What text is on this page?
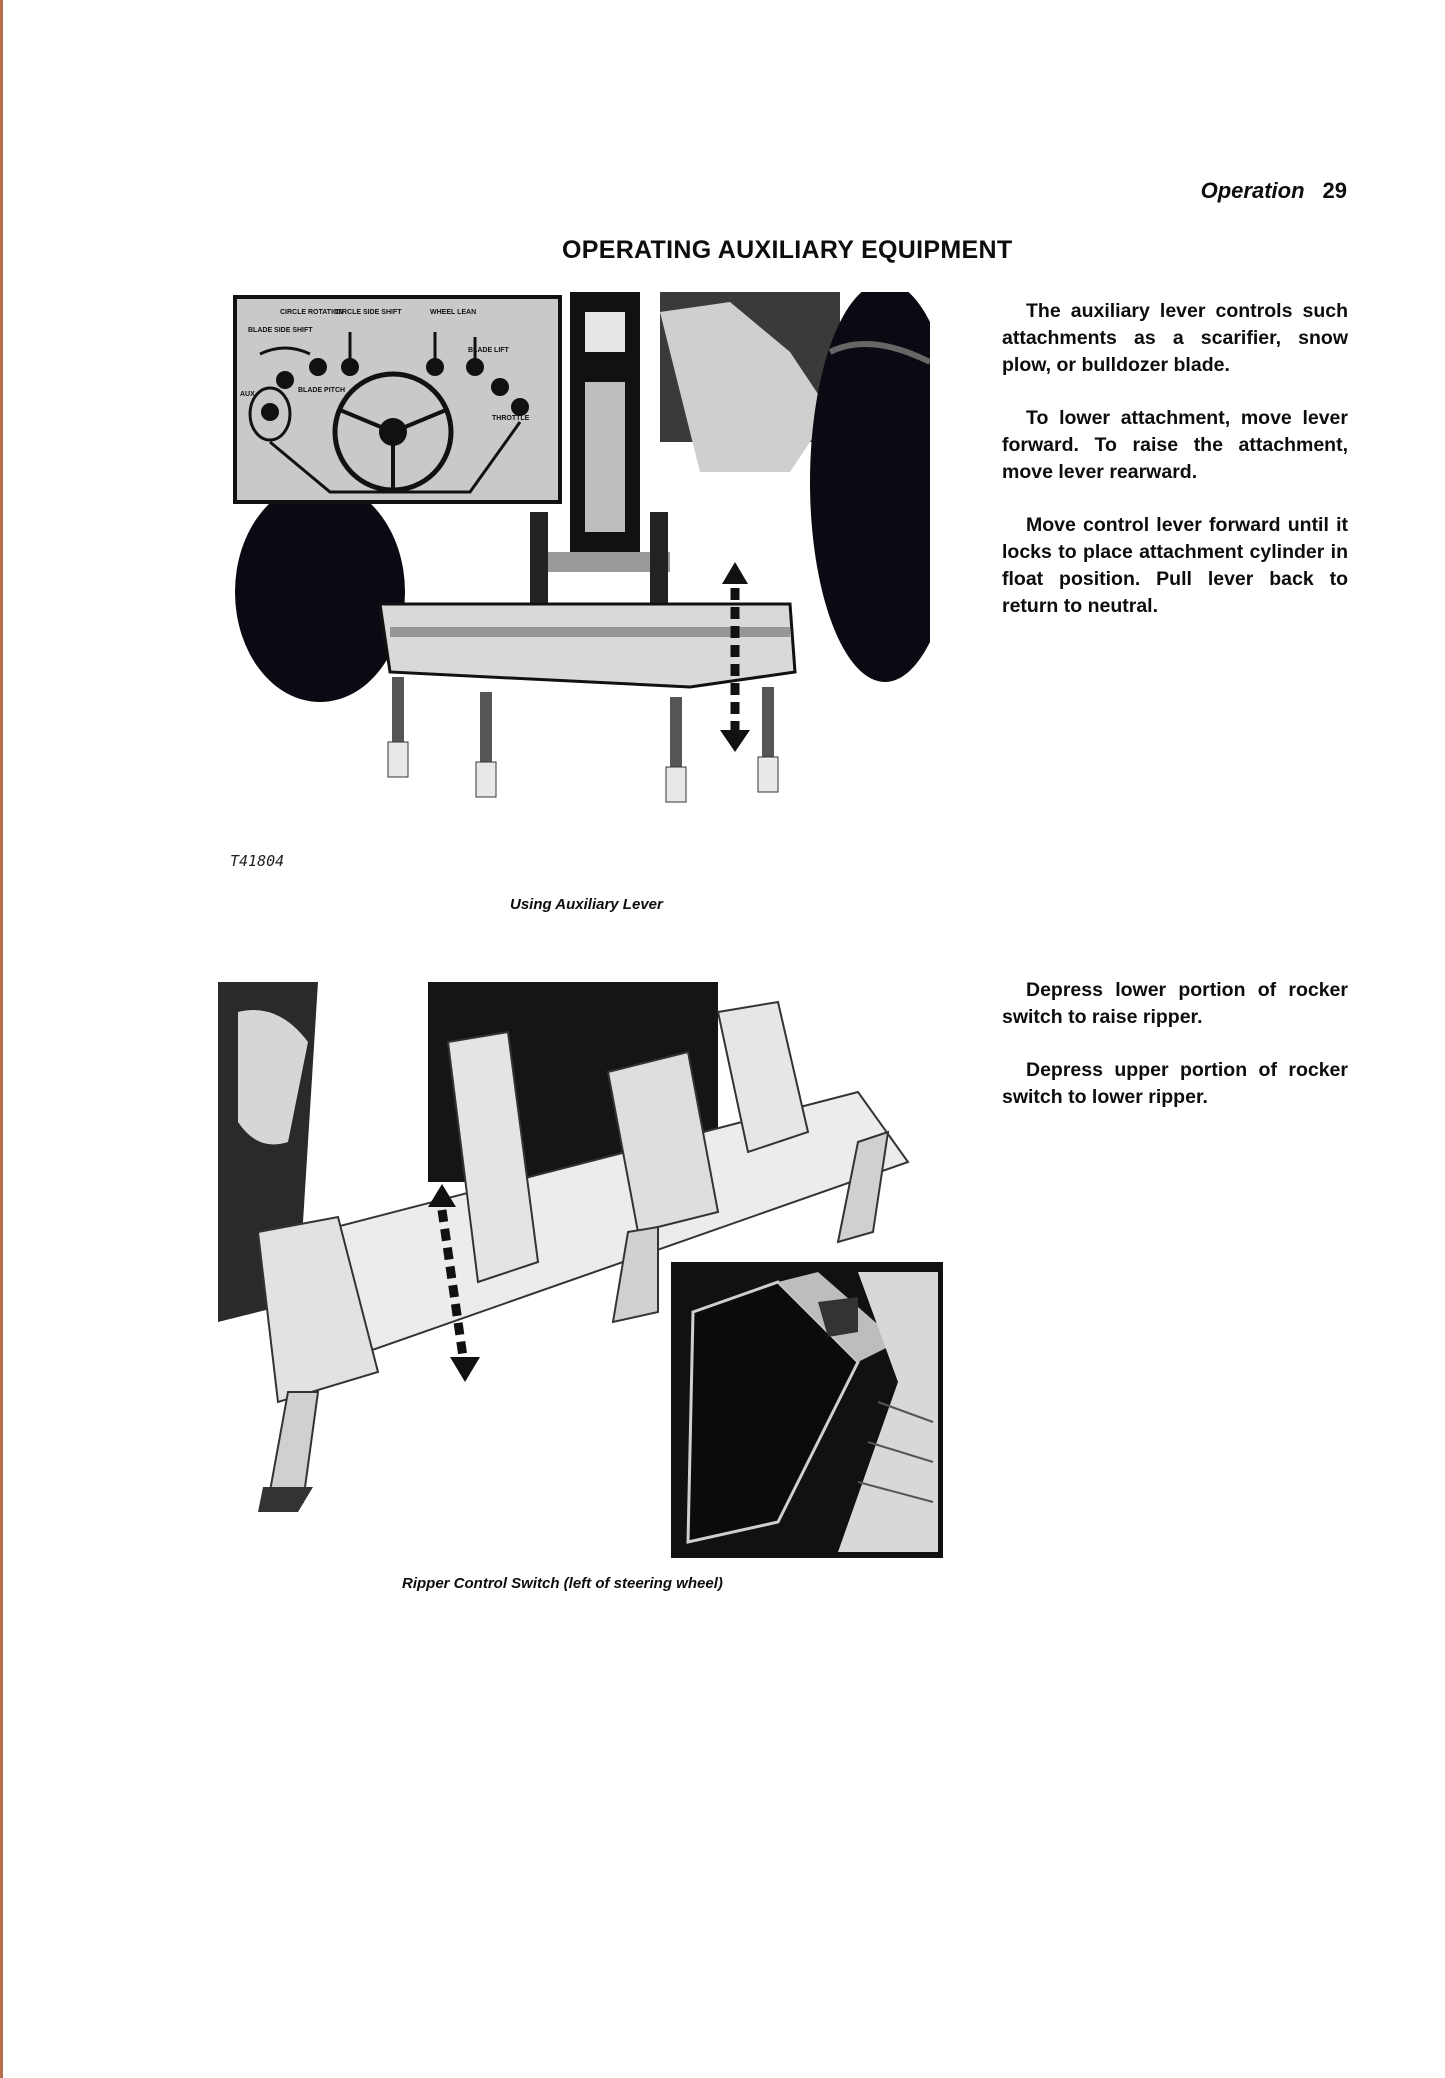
Operation 29
OPERATING AUXILIARY EQUIPMENT
CIRCLE ROTATION
CIRCLE SIDE SHIFT	WHEEL LEAN
BLADE LIFT
BLADE SIDE SHIFT
THROTTLE
AUX
BLADE PITCH
T41804
Using Auxiliary Lever

The auxiliary lever controls such attachments as a scarifier, snow plow, or bulldozer blade.

To lower attachment, move lever forward. To raise the attachment, move lever rearward.

Move control lever forward until it locks to place attachment cylinder in float position. Pull lever back to return to neutral.

Ripper Control Switch (left of steering wheel)

Depress lower portion of rocker switch to raise ripper.

Depress upper portion of rocker switch to lower ripper.
